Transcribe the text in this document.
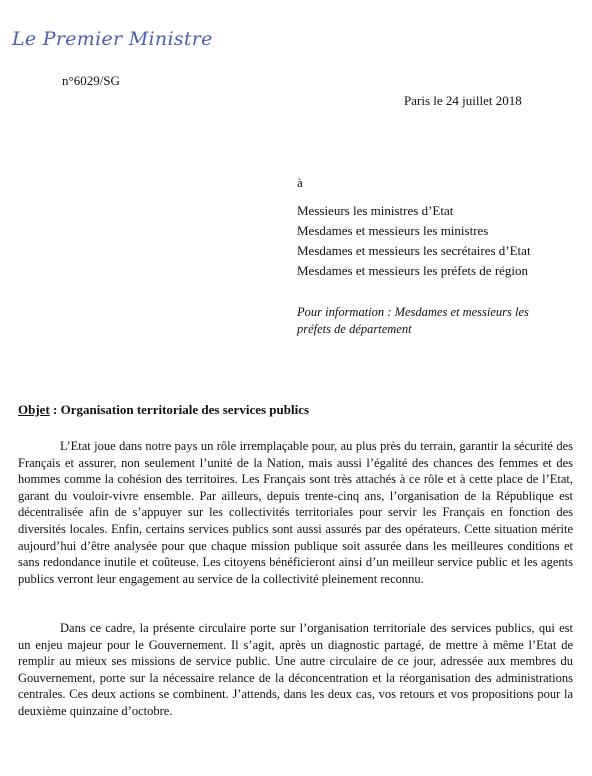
Le Premier Ministre
n°6029/SG
Paris le 24 juillet 2018
à
Messieurs les ministres d’Etat
Mesdames et messieurs les ministres
Mesdames et messieurs les secrétaires d’Etat
Mesdames et messieurs les préfets de région
Pour information : Mesdames et messieurs les préfets de département
Objet : Organisation territoriale des services publics
L’Etat joue dans notre pays un rôle irremplaçable pour, au plus près du terrain, garantir la sécurité des Français et assurer, non seulement l’unité de la Nation, mais aussi l’égalité des chances des femmes et des hommes comme la cohésion des territoires. Les Français sont très attachés à ce rôle et à cette place de l’Etat, garant du vouloir-vivre ensemble. Par ailleurs, depuis trente-cinq ans, l’organisation de la République est décentralisée afin de s’appuyer sur les collectivités territoriales pour servir les Français en fonction des diversités locales. Enfin, certains services publics sont aussi assurés par des opérateurs. Cette situation mérite aujourd’hui d’être analysée pour que chaque mission publique soit assurée dans les meilleures conditions et sans redondance inutile et coûteuse. Les citoyens bénéficieront ainsi d’un meilleur service public et les agents publics verront leur engagement au service de la collectivité pleinement reconnu.
Dans ce cadre, la présente circulaire porte sur l’organisation territoriale des services publics, qui est un enjeu majeur pour le Gouvernement. Il s’agit, après un diagnostic partagé, de mettre à même l’Etat de remplir au mieux ses missions de service public. Une autre circulaire de ce jour, adressée aux membres du Gouvernement, porte sur la nécessaire relance de la déconcentration et la réorganisation des administrations centrales. Ces deux actions se combinent. J’attends, dans les deux cas, vos retours et vos propositions pour la deuxième quinzaine d’octobre.
